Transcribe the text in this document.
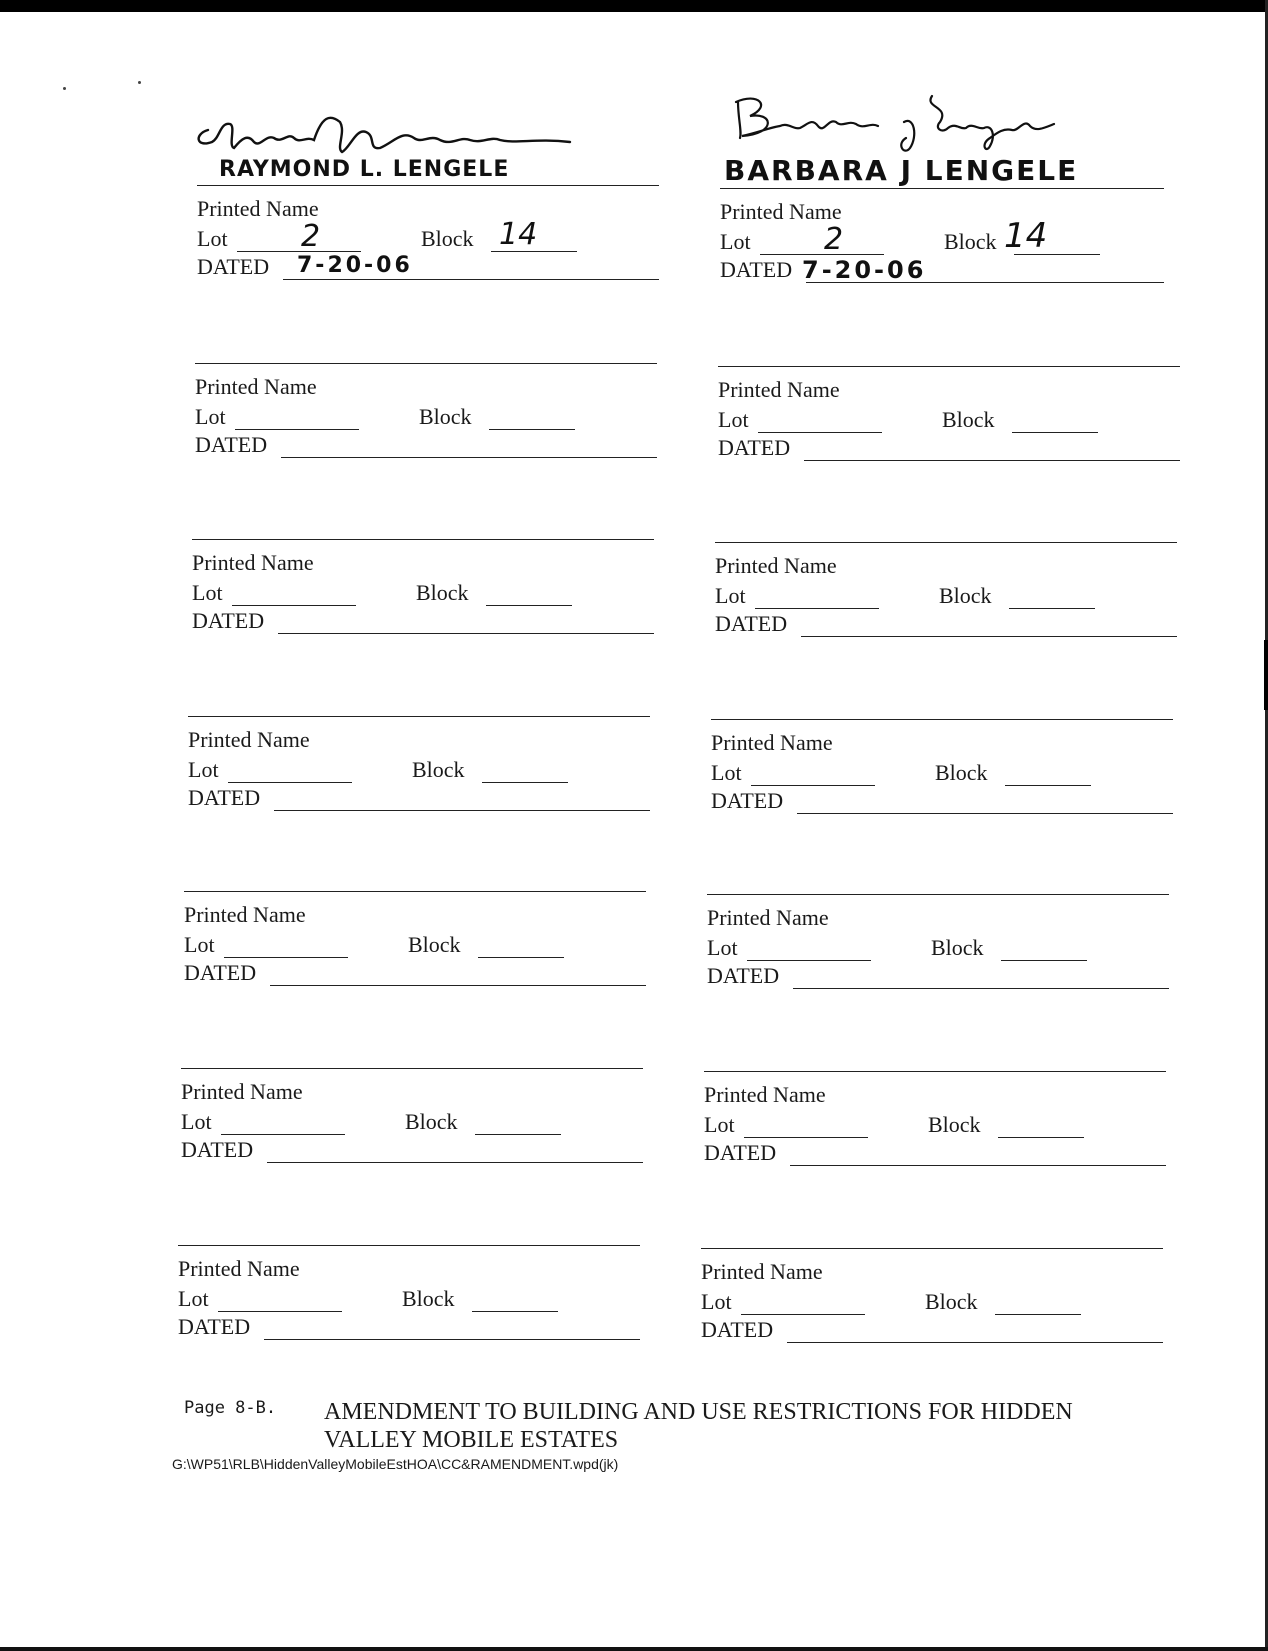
RAYMOND L. LENGELE
Printed Name
Lot 2	Block 14
DATED 7-20-06
BARBARA J LENGELE
Printed Name
Lot 2	Block 14
DATED 7-20-06
Printed Name
Lot	Block
DATED
Printed Name
Lot	Block
DATED
Printed Name
Lot	Block
DATED
Printed Name
Lot	Block
DATED
Printed Name
Lot	Block
DATED
Printed Name
Lot	Block
DATED
Printed Name
Lot	Block
DATED
Printed Name
Lot	Block
DATED
Printed Name
Lot	Block
DATED
Printed Name
Lot	Block
DATED
Printed Name
Lot	Block
DATED
Printed Name
Lot	Block
DATED
Page 8-B. AMENDMENT TO BUILDING AND USE RESTRICTIONS FOR HIDDEN VALLEY MOBILE ESTATES
G:\WP51\RLB\HiddenValleyMobileEstHOA\CC&RAMENDMENT.wpd(jk)
